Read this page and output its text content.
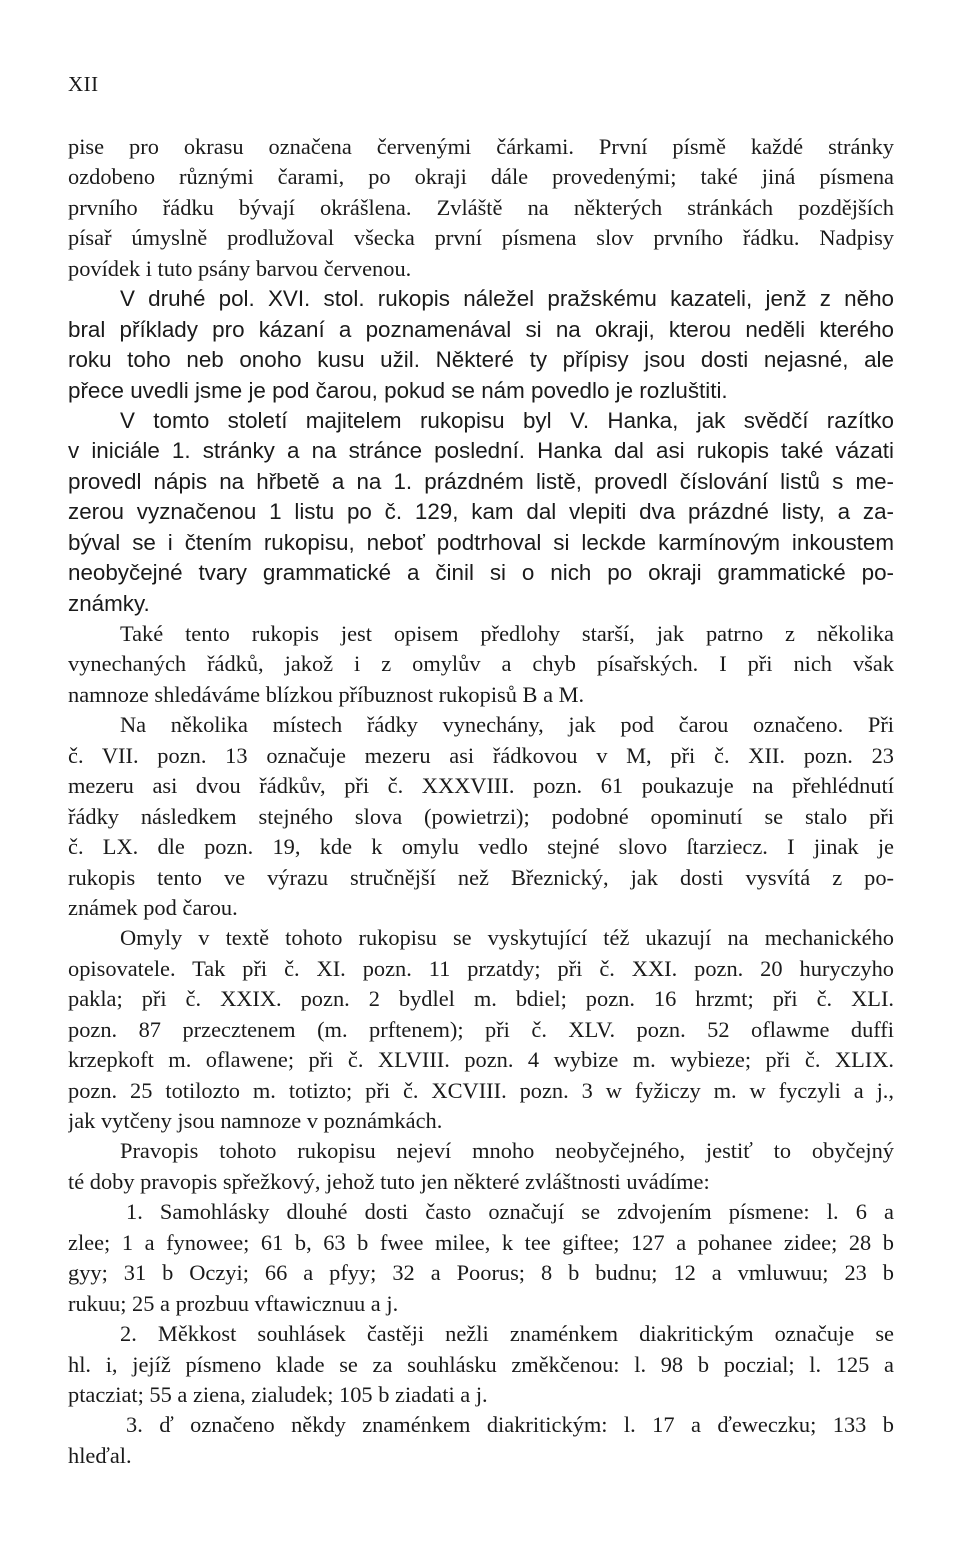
XII
pise pro okrasu označena červenými čárkami. První písmě každé stránky
ozdobeno různými čarami, po okraji dále provedenými; také jiná písmena
prvního řádku bývají okrášlena. Zvláště na některých stránkách pozdějších
písař úmyslně prodlužoval všecka první písmena slov prvního řádku. Nadpisy
povídek i tuto psány barvou červenou.
V druhé pol. XVI. stol. rukopis náležel pražskému kazateli, jenž z něho
bral příklady pro kázaní a poznamenával si na okraji, kterou neděli kterého
roku toho neb onoho kusu užil. Některé ty přípisy jsou dosti nejasné, ale
přece uvedli jsme je pod čarou, pokud se nám povedlo je rozluštiti.
V tomto století majitelem rukopisu byl V. Hanka, jak svědčí razítko
v iniciále 1. stránky a na stránce poslední. Hanka dal asi rukopis také vázati
provedl nápis na hřbetě a na 1. prázdném listě, provedl číslování listů s me-
zerou vyznačenou 1 listu po č. 129, kam dal vlepiti dva prázdné listy, a za-
býval se i čtením rukopisu, neboť podtrhoval si leckde karmínovým inkoustem
neobyčejné tvary grammatické a činil si o nich po okraji grammatické po-
známky.
Také tento rukopis jest opisem předlohy starší, jak patrno z několika
vynechaných řádků, jakož i z omylův a chyb písařských. I při nich však
namnoze shledáváme blízkou příbuznost rukopisů B a M.
Na několika místech řádky vynechány, jak pod čarou označeno. Při
č. VII. pozn. 13 označuje mezeru asi řádkovou v M, při č. XII. pozn. 23
mezeru asi dvou řádkův, při č. XXXVIII. pozn. 61 poukazuje na přehlédnutí
řádky následkem stejného slova (powietrzi); podobné opominutí se stalo při
č. LX. dle pozn. 19, kde k omylu vedlo stejné slovo ſtarziecz. I jinak je
rukopis tento ve výrazu stručnější než Březnický, jak dosti vysvítá z po-
známek pod čarou.
Omyly v textě tohoto rukopisu se vyskytující též ukazují na mechanického
opisovatele. Tak při č. XI. pozn. 11 przatdy; při č. XXI. pozn. 20 huryczyho
pakla; při č. XXIX. pozn. 2 bydlel m. bdiel; pozn. 16 hrzmt; při č. XLI.
pozn. 87 przecztenem (m. prftenem); při č. XLV. pozn. 52 oflawme duffi
krzepkoft m. oflawene; při č. XLVIII. pozn. 4 wybize m. wybieze; při č. XLIX.
pozn. 25 totilozto m. totizto; při č. XCVIII. pozn. 3 w fyžiczy m. w fyczyli a j.,
jak vytčeny jsou namnoze v poznámkách.
Pravopis tohoto rukopisu nejeví mnoho neobyčejného, jestiť to obyčejný
té doby pravopis spřežkový, jehož tuto jen některé zvláštnosti uvádíme:
1. Samohlásky dlouhé dosti často označují se zdvojením písmene: l. 6 a
zlee; 1 a fynowee; 61 b, 63 b fwee milee, k tee giftee; 127 a pohanee zidee; 28 b
gyy; 31 b Oczyi; 66 a pfyy; 32 a Poorus; 8 b budnu; 12 a vmluwuu; 23 b
rukuu; 25 a prozbuu vftawicznuu a j.
2. Měkkost souhlásek častěji nežli znaménkem diakritickým označuje se
hl. i, jejíž písmeno klade se za souhlásku změkčenou: l. 98 b poczial; l. 125 a
ptacziat; 55 a ziena, zialudek; 105 b ziadati a j.
3. ď označeno někdy znaménkem diakritickým: l. 17 a ďeweczku; 133 b
hleďal.
